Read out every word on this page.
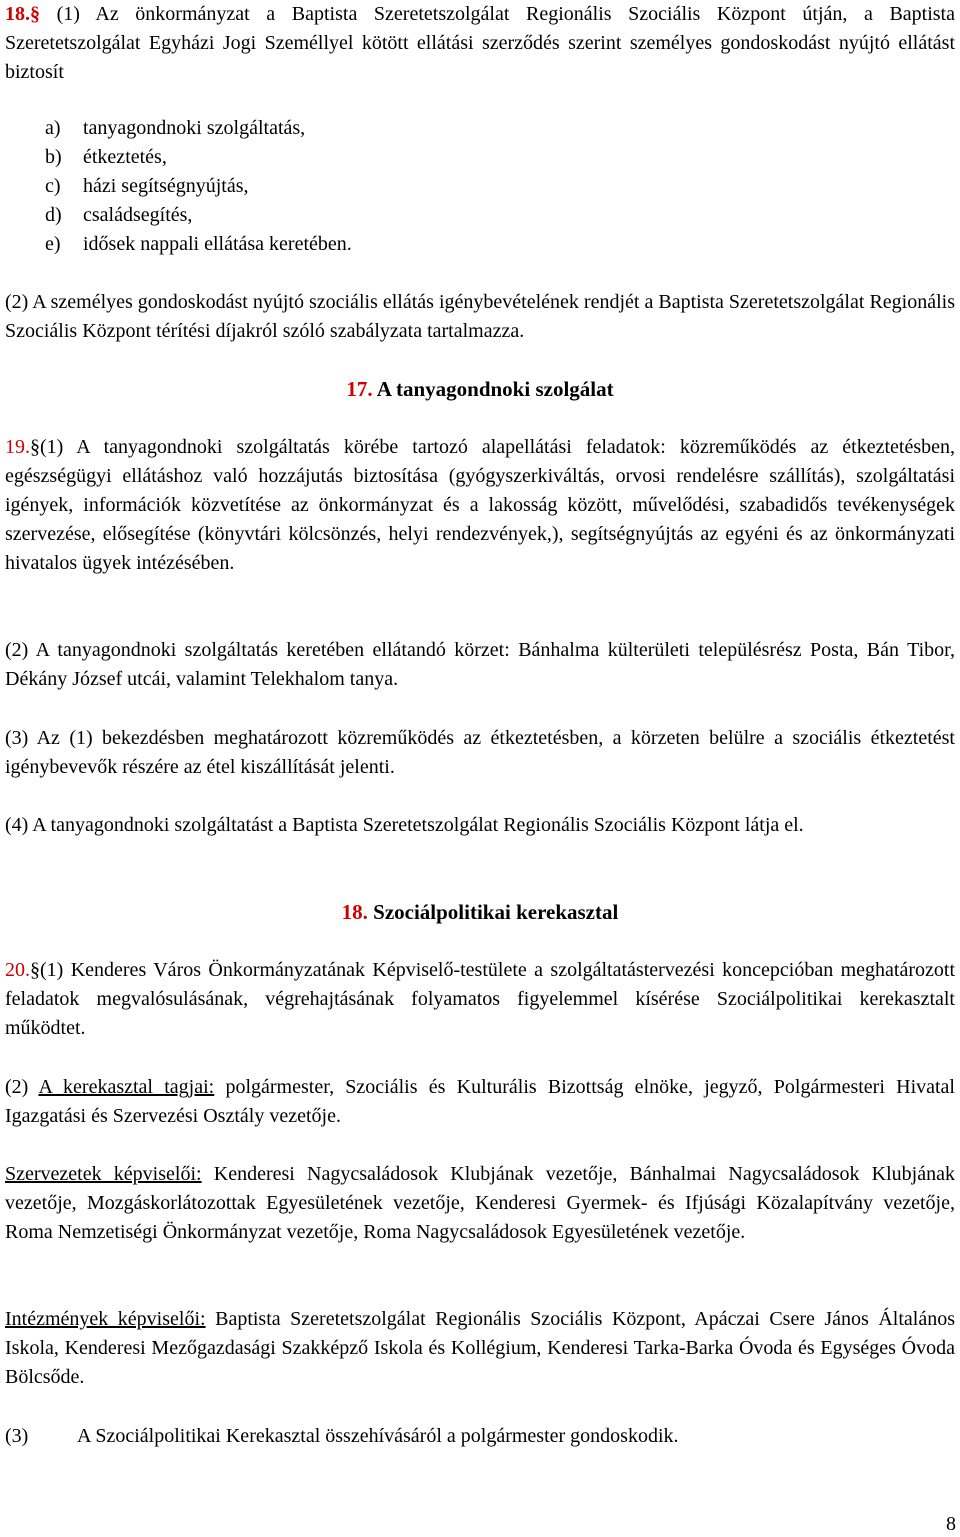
18.§ (1) Az önkormányzat a Baptista Szeretetszolgálat Regionális Szociális Központ útján, a Baptista Szeretetszolgálat Egyházi Jogi Személlyel kötött ellátási szerződés szerint személyes gondoskodást nyújtó ellátást biztosít

a) tanyagondnoki szolgáltatás,
b) étkeztetés,
c) házi segítségnyújtás,
d) családsegítés,
e) idősek nappali ellátása keretében.

(2) A személyes gondoskodást nyújtó szociális ellátás igénybevételének rendjét a Baptista Szeretetszolgálat Regionális Szociális Központ térítési díjakról szóló szabályzata tartalmazza.

17. A tanyagondnoki szolgálat

19.§(1) A tanyagondnoki szolgáltatás körébe tartozó alapellátási feladatok: közreműködés az étkeztetésben, egészségügyi ellátáshoz való hozzájutás biztosítása (gyógyszerkiváltás, orvosi rendelésre szállítás), szolgáltatási igények, információk közvetítése az önkormányzat és a lakosság között, művelődési, szabadidős tevékenységek szervezése, elősegítése (könyvtári kölcsönzés, helyi rendezvények,), segítségnyújtás az egyéni és az önkormányzati hivatalos ügyek intézésében.

(2) A tanyagondnoki szolgáltatás keretében ellátandó körzet: Bánhalma külterületi településrész Posta, Bán Tibor, Dékány József utcái, valamint Telekhalom tanya.

(3) Az (1) bekezdésben meghatározott közreműködés az étkeztetésben, a körzeten belülre a szociális étkeztetést igénybevevők részére az étel kiszállítását jelenti.

(4) A tanyagondnoki szolgáltatást a Baptista Szeretetszolgálat Regionális Szociális Központ látja el.

18. Szociálpolitikai kerekasztal

20.§(1) Kenderes Város Önkormányzatának Képviselő-testülete a szolgáltatástervezési koncepcióban meghatározott feladatok megvalósulásának, végrehajtásának folyamatos figyelemmel kísérése Szociálpolitikai kerekasztalt működtet.

(2) A kerekasztal tagjai: polgármester, Szociális és Kulturális Bizottság elnöke, jegyző, Polgármesteri Hivatal Igazgatási és Szervezési Osztály vezetője.

Szervezetek képviselői: Kenderesi Nagycsaládosok Klubjának vezetője, Bánhalmai Nagycsaládosok Klubjának vezetője, Mozgáskorlátozottak Egyesületének vezetője, Kenderesi Gyermek- és Ifjúsági Közalapítvány vezetője, Roma Nemzetiségi Önkormányzat vezetője, Roma Nagycsaládosok Egyesületének vezetője.

Intézmények képviselői: Baptista Szeretetszolgálat Regionális Szociális Központ, Apáczai Csere János Általános Iskola, Kenderesi Mezőgazdasági Szakképző Iskola és Kollégium, Kenderesi Tarka-Barka Óvoda és Egységes Óvoda Bölcsőde.

(3) A Szociálpolitikai Kerekasztal összehívásáról a polgármester gondoskodik.

8
